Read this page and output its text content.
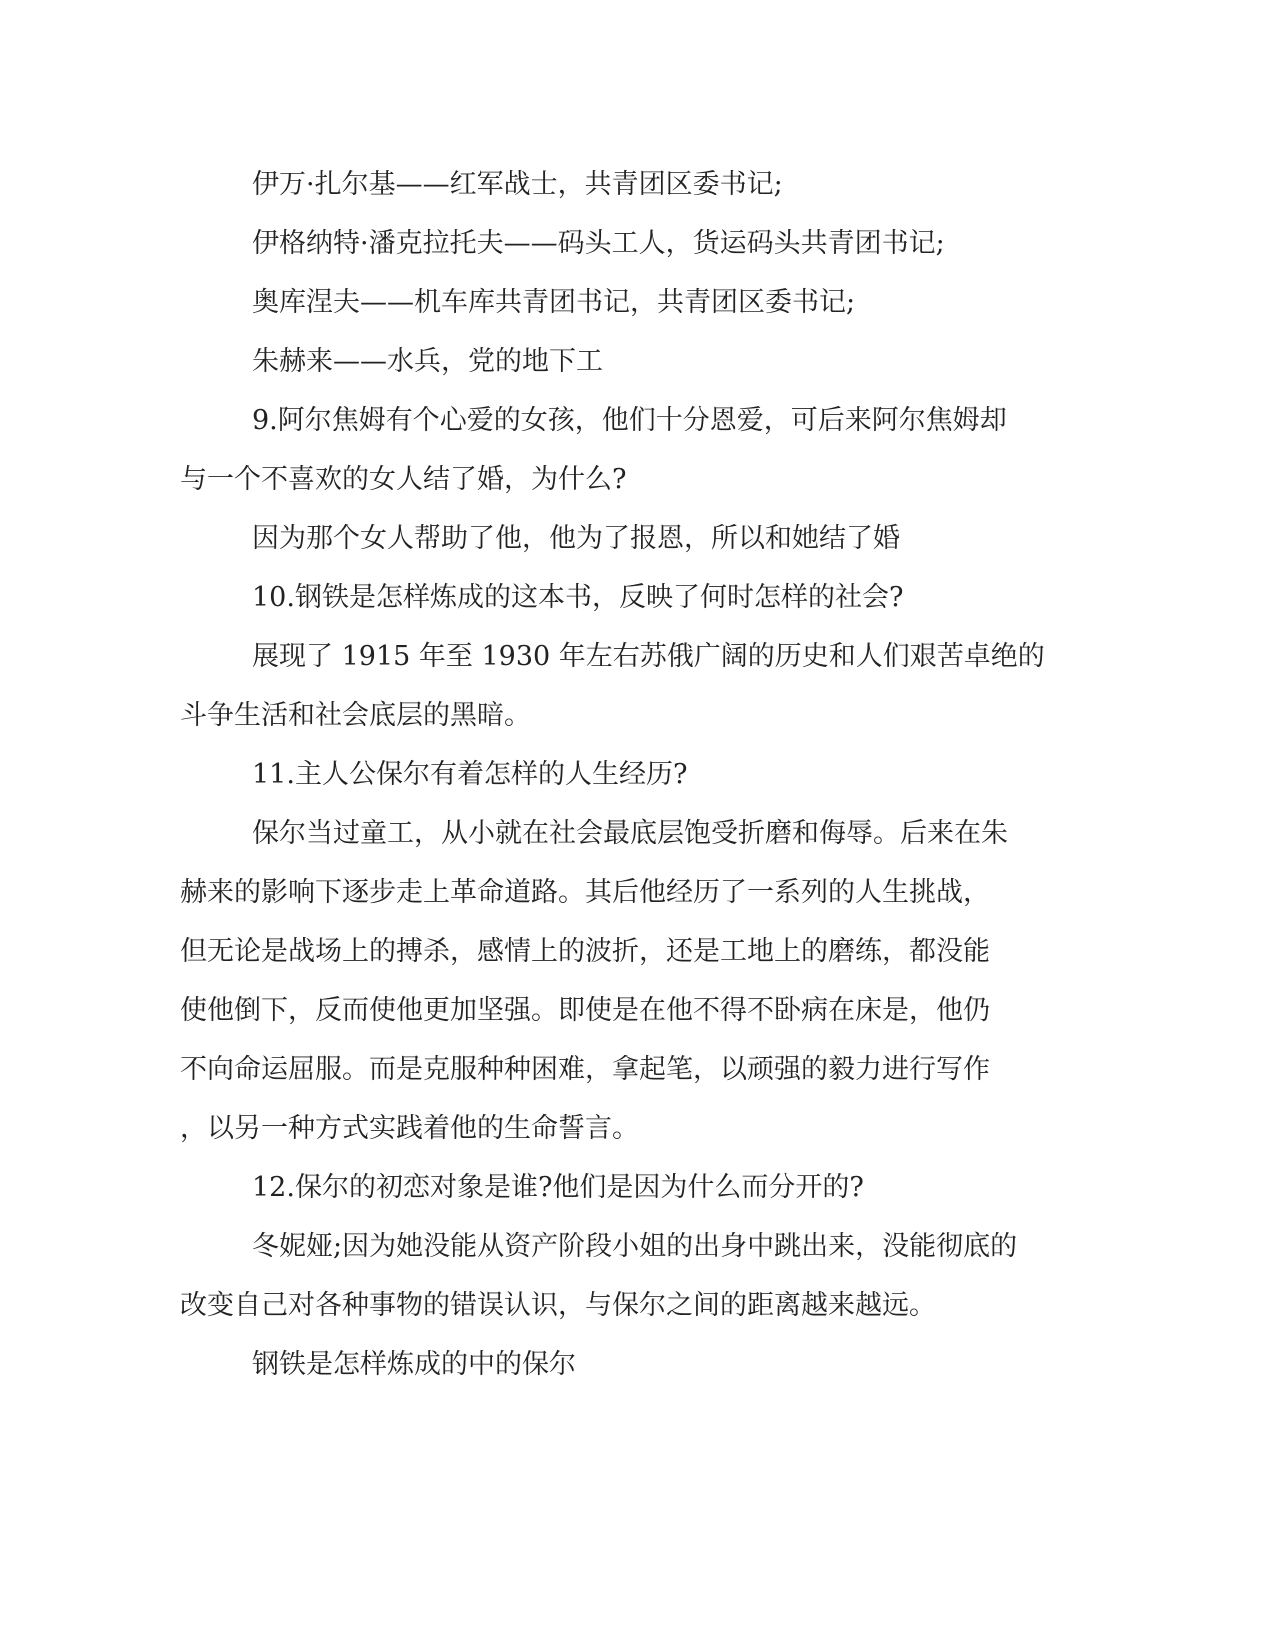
伊万·扎尔基——红军战士，共青团区委书记;
伊格纳特·潘克拉托夫——码头工人，货运码头共青团书记;
奥库涅夫——机车库共青团书记，共青团区委书记;
朱赫来——水兵，党的地下工
9.阿尔焦姆有个心爱的女孩，他们十分恩爱，可后来阿尔焦姆却
与一个不喜欢的女人结了婚，为什么?
因为那个女人帮助了他，他为了报恩，所以和她结了婚
10.钢铁是怎样炼成的这本书，反映了何时怎样的社会?
展现了 1915 年至 1930 年左右苏俄广阔的历史和人们艰苦卓绝的
斗争生活和社会底层的黑暗。
11.主人公保尔有着怎样的人生经历?
保尔当过童工，从小就在社会最底层饱受折磨和侮辱。后来在朱
赫来的影响下逐步走上革命道路。其后他经历了一系列的人生挑战，
但无论是战场上的搏杀，感情上的波折，还是工地上的磨练，都没能
使他倒下，反而使他更加坚强。即使是在他不得不卧病在床是，他仍
不向命运屈服。而是克服种种困难，拿起笔，以顽强的毅力进行写作
，以另一种方式实践着他的生命誓言。
12.保尔的初恋对象是谁?他们是因为什么而分开的?
冬妮娅;因为她没能从资产阶段小姐的出身中跳出来，没能彻底的
改变自己对各种事物的错误认识，与保尔之间的距离越来越远。
钢铁是怎样炼成的中的保尔
